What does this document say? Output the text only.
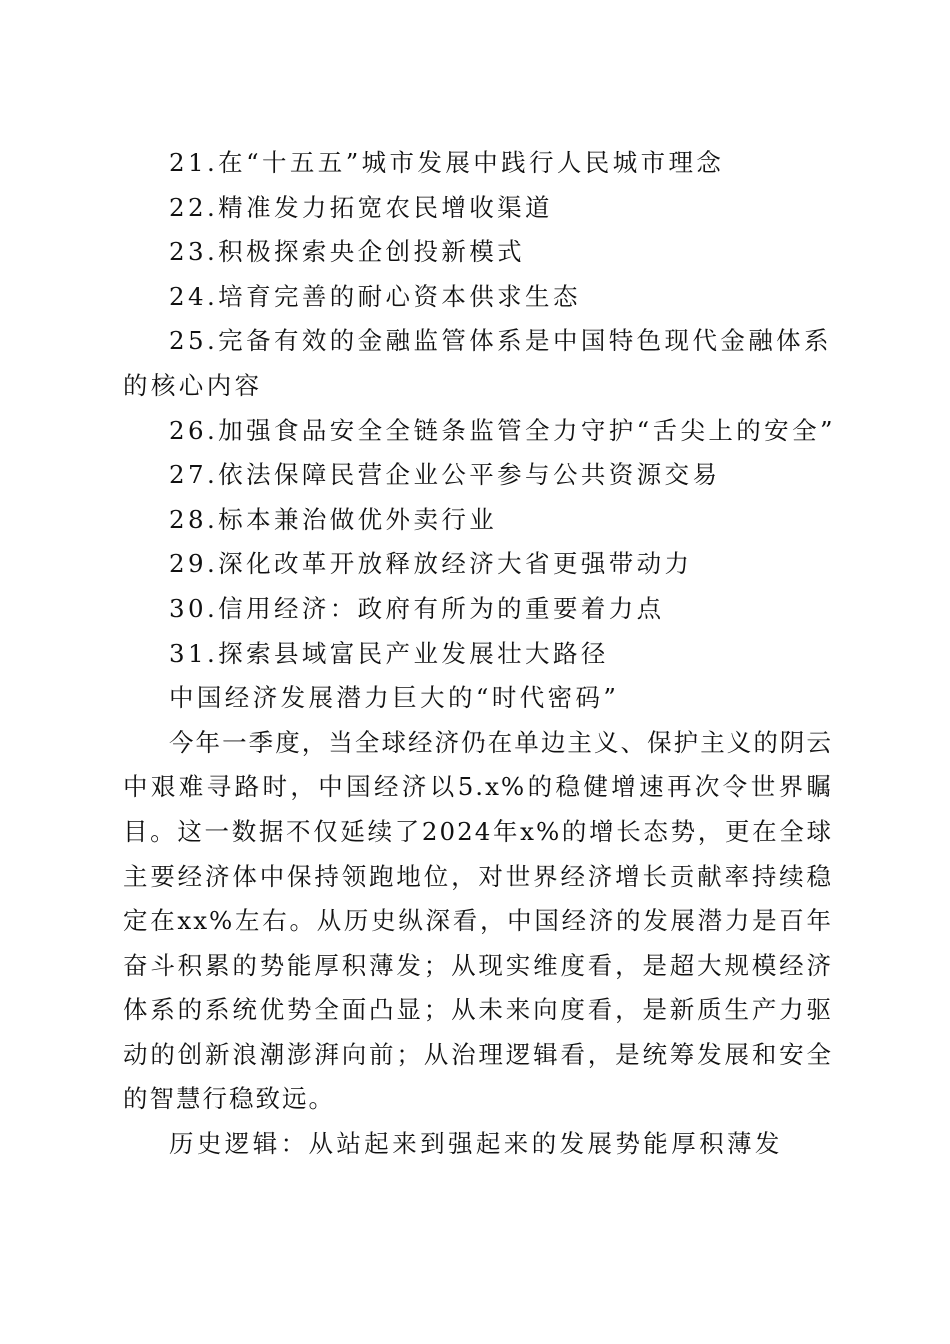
21.在“十五五”城市发展中践行人民城市理念
22.精准发力拓宽农民增收渠道
23.积极探索央企创投新模式
24.培育完善的耐心资本供求生态
25.完备有效的金融监管体系是中国特色现代金融体系的核心内容
26.加强食品安全全链条监管全力守护“舌尖上的安全”
27.依法保障民营企业公平参与公共资源交易
28.标本兼治做优外卖行业
29.深化改革开放释放经济大省更强带动力
30.信用经济：政府有所为的重要着力点
31.探索县域富民产业发展壮大路径
中国经济发展潜力巨大的“时代密码”
今年一季度，当全球经济仍在单边主义、保护主义的阴云中艰难寻路时，中国经济以5.x%的稳健增速再次令世界瞩目。这一数据不仅延续了2024年x%的增长态势，更在全球主要经济体中保持领跑地位，对世界经济增长贡献率持续稳定在xx%左右。从历史纵深看，中国经济的发展潜力是百年奋斗积累的势能厚积薄发；从现实维度看，是超大规模经济体系的系统优势全面凸显；从未来向度看，是新质生产力驱动的创新浪潮澎湃向前；从治理逻辑看，是统筹发展和安全的智慧行稳致远。
历史逻辑：从站起来到强起来的发展势能厚积薄发
